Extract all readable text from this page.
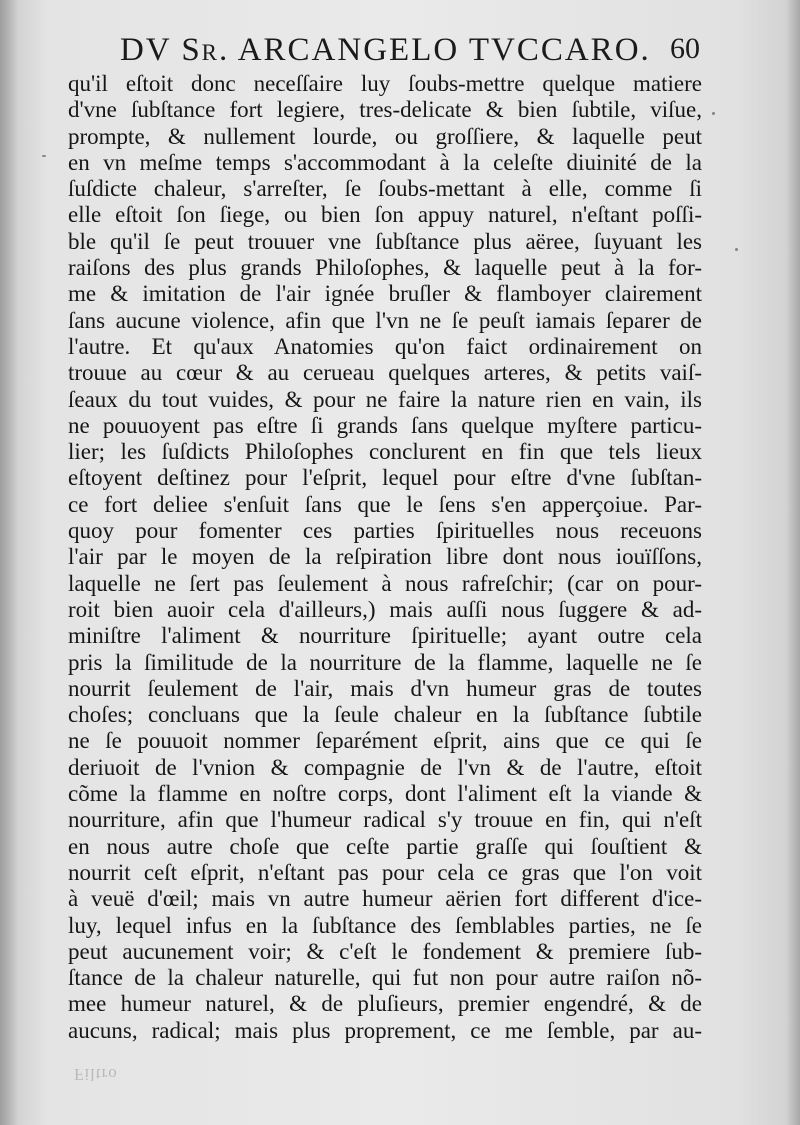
DV Sr. ARCANGELO TVCCARO. 60
qu'il eſtoit donc neceſſaire luy ſoubs-mettre quelque matiere
d'vne ſubſtance fort legiere, tres-delicate & bien ſubtile, viſue,
prompte, & nullement lourde, ou groſſiere, & laquelle peut
en vn meſme temps s'accommodant à la celeſte diuinité de la
ſuſdicte chaleur, s'arreſter, ſe ſoubs-mettant à elle, comme ſi
elle eſtoit ſon ſiege, ou bien ſon appuy naturel, n'eſtant poſſi-
ble qu'il ſe peut trouuer vne ſubſtance plus aëree, ſuyuant les
raiſons des plus grands Philoſophes, & laquelle peut à la for-
me & imitation de l'air ignée bruſler & flamboyer clairement
ſans aucune violence, afin que l'vn ne ſe peuſt iamais ſeparer de
l'autre. Et qu'aux Anatomies qu'on faict ordinairement on
trouue au cœur & au cerueau quelques arteres, & petits vaiſ-
ſeaux du tout vuides, & pour ne faire la nature rien en vain, ils
ne pouuoyent pas eſtre ſi grands ſans quelque myſtere particu-
lier; les ſuſdicts Philoſophes conclurent en fin que tels lieux
eſtoyent deſtinez pour l'eſprit, lequel pour eſtre d'vne ſubſtan-
ce fort deliee s'enſuit ſans que le ſens s'en apperçoiue. Par-
quoy pour fomenter ces parties ſpirituelles nous receuons
l'air par le moyen de la reſpiration libre dont nous iouïſſons,
laquelle ne ſert pas ſeulement à nous rafreſchir; (car on pour-
roit bien auoir cela d'ailleurs,) mais auſſi nous ſuggere & ad-
miniſtre l'aliment & nourriture ſpirituelle; ayant outre cela
pris la ſimilitude de la nourriture de la flamme, laquelle ne ſe
nourrit ſeulement de l'air, mais d'vn humeur gras de toutes
choſes; concluans que la ſeule chaleur en la ſubſtance ſubtile
ne ſe pouuoit nommer ſeparément eſprit, ains que ce qui ſe
deriuoit de l'vnion & compagnie de l'vn & de l'autre, eſtoit
cõme la flamme en noſtre corps, dont l'aliment eſt la viande &
nourriture, afin que l'humeur radical s'y trouue en fin, qui n'eſt
en nous autre choſe que ceſte partie graſſe qui ſouſtient &
nourrit ceſt eſprit, n'eſtant pas pour cela ce gras que l'on voit
à veuë d'œil; mais vn autre humeur aërien fort different d'ice-
luy, lequel infus en la ſubſtance des ſemblables parties, ne ſe
peut aucunement voir; & c'eſt le fondement & premiere ſub-
ſtance de la chaleur naturelle, qui fut non pour autre raiſon nõ-
mee humeur naturel, & de pluſieurs, premier engendré, & de
aucuns, radical; mais plus proprement, ce me ſemble, par au-
Filtro
